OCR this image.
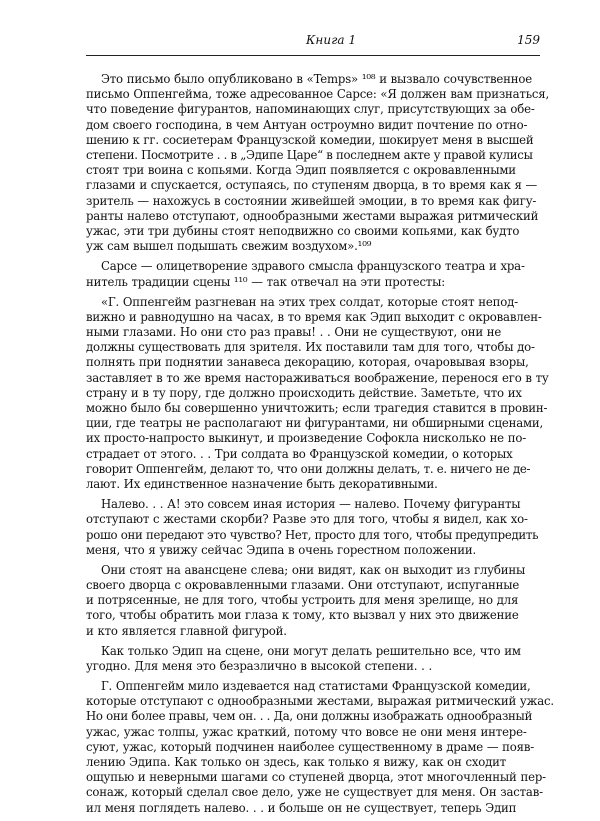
Книга 1	159
Это письмо было опубликовано в «Temps» ¹⁰⁸ и вызвало сочувственное
письмо Оппенгейма, тоже адресованное Сарсе: «Я должен вам признаться,
что поведение фигурантов, напоминающих слуг, присутствующих за обе-
дом своего господина, в чем Антуан остроумно видит почтение по отно-
шению к гг. сосиетерам Французской комедии, шокирует меня в высшей
степени. Посмотрите . . в „Эдипе Царе“ в последнем акте у правой кулисы
стоят три воина с копьями. Когда Эдип появляется с окровавленными
глазами и спускается, оступаясь, по ступеням дворца, в то время как я —
зритель — нахожусь в состоянии живейшей эмоции, в то время как фигу-
ранты налево отступают, однообразными жестами выражая ритмический
ужас, эти три дубины стоят неподвижно со своими копьями, как будто
уж сам вышел подышать свежим воздухом».¹⁰⁹
Сарсе — олицетворение здравого смысла французского театра и хра-
нитель традиции сцены ¹¹⁰ — так отвечал на эти протесты:
«Г. Оппенгейм разгневан на этих трех солдат, которые стоят непод-
вижно и равнодушно на часах, в то время как Эдип выходит с окровавлен-
ными глазами. Но они сто раз правы! . . Они не существуют, они не
должны существовать для зрителя. Их поставили там для того, чтобы до-
полнять при поднятии занавеса декорацию, которая, очаровывая взоры,
заставляет в то же время настораживаться воображение, перенося его в ту
страну и в ту пору, где должно происходить действие. Заметьте, что их
можно было бы совершенно уничтожить; если трагедия ставится в провин-
ции, где театры не располагают ни фигурантами, ни обширными сценами,
их просто-напросто выкинут, и произведение Софокла нисколько не по-
страдает от этого. . . Три солдата во Французской комедии, о которых
говорит Оппенгейм, делают то, что они должны делать, т. е. ничего не де-
лают. Их единственное назначение быть декоративными.
Налево. . . А! это совсем иная история — налево. Почему фигуранты
отступают с жестами скорби? Разве это для того, чтобы я видел, как хо-
рошо они передают это чувство? Нет, просто для того, чтобы предупредить
меня, что я увижу сейчас Эдипа в очень горестном положении.
Они стоят на авансцене слева; они видят, как он выходит из глубины
своего дворца с окровавленными глазами. Они отступают, испуганные
и потрясенные, не для того, чтобы устроить для меня зрелище, но для
того, чтобы обратить мои глаза к тому, кто вызвал у них это движение
и кто является главной фигурой.
Как только Эдип на сцене, они могут делать решительно все, что им
угодно. Для меня это безразлично в высокой степени. . .
Г. Оппенгейм мило издевается над статистами Французской комедии,
которые отступают с однообразными жестами, выражая ритмический ужас.
Но они более правы, чем он. . . Да, они должны изображать однообразный
ужас, ужас толпы, ужас краткий, потому что вовсе не они меня интере-
суют, ужас, который подчинен наиболее существенному в драме — появ-
лению Эдипа. Как только он здесь, как только я вижу, как он сходит
ощупью и неверными шагами со ступеней дворца, этот многочленный пер-
сонаж, который сделал свое дело, уже не существует для меня. Он застав-
ил меня поглядеть налево. . . и больше он не существует, теперь Эдип
